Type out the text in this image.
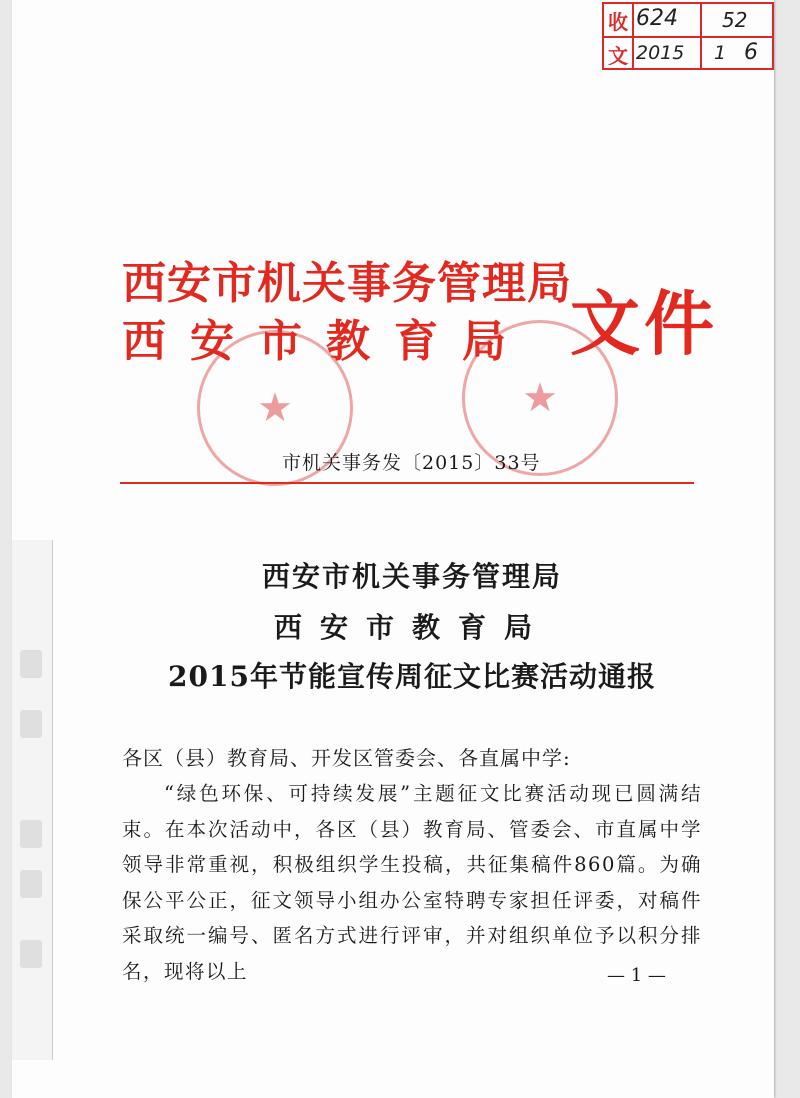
收
文
624 52
2015 1 6
西安市机关事务管理局
西安市教育局 文件
★	★
市机关事务发〔2015〕33号
西安市机关事务管理局
西安市教育局
2015年节能宣传周征文比赛活动通报
各区（县）教育局、开发区管委会、各直属中学:

“绿色环保、可持续发展”主题征文比赛活动现已圆满结束。在本次活动中，各区（县）教育局、管委会、市直属中学领导非常重视，积极组织学生投稿，共征集稿件860篇。为确保公平公正，征文领导小组办公室特聘专家担任评委，对稿件采取统一编号、匿名方式进行评审，并对组织单位予以积分排名，现将以上	— 1 —
